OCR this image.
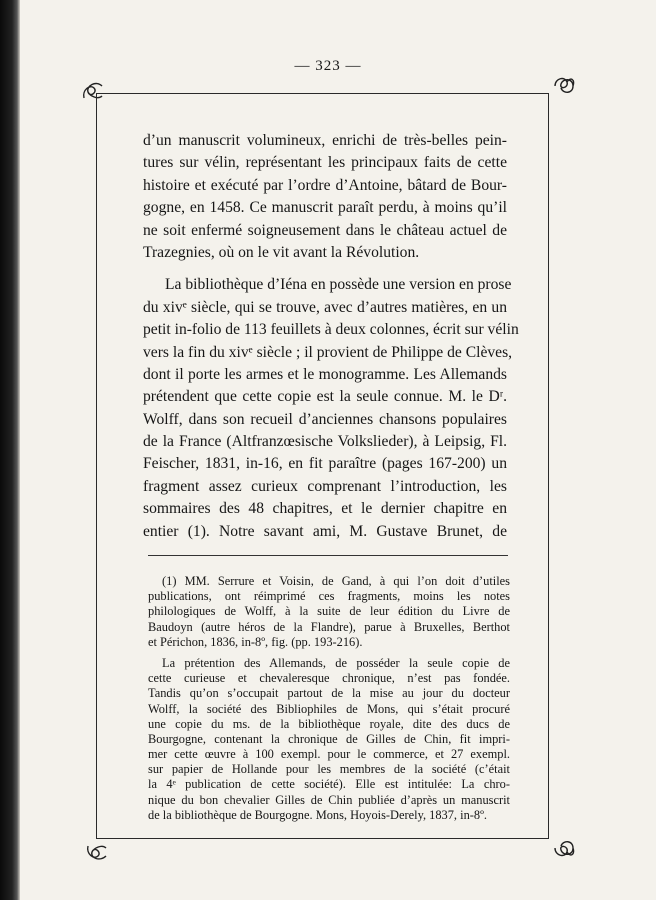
— 323 —
d’un manuscrit volumineux, enrichi de très-belles pein-
tures sur vélin, représentant les principaux faits de cette
histoire et exécuté par l’ordre d’Antoine, bâtard de Bour-
gogne, en 1458. Ce manuscrit paraît perdu, à moins qu’il
ne soit enfermé soigneusement dans le château actuel de
Trazegnies, où on le vit avant la Révolution.
La bibliothèque d’Iéna en possède une version en prose
du xivᵉ siècle, qui se trouve, avec d’autres matières, en un
petit in-folio de 113 feuillets à deux colonnes, écrit sur vélin
vers la fin du xivᵉ siècle ; il provient de Philippe de Clèves,
dont il porte les armes et le monogramme. Les Allemands
prétendent que cette copie est la seule connue. M. le Dʳ.
Wolff, dans son recueil d’anciennes chansons populaires
de la France (Altfranzœsische Volkslieder), à Leipsig, Fl.
Feischer, 1831, in-16, en fit paraître (pages 167-200) un
fragment assez curieux comprenant l’introduction, les
sommaires des 48 chapitres, et le dernier chapitre en
entier (1). Notre savant ami, M. Gustave Brunet, de
(1) MM. Serrure et Voisin, de Gand, à qui l’on doit d’utiles
publications, ont réimprimé ces fragments, moins les notes
philologiques de Wolff, à la suite de leur édition du Livre de
Baudoyn (autre héros de la Flandre), parue à Bruxelles, Berthot
et Périchon, 1836, in-8º, fig. (pp. 193-216).
La prétention des Allemands, de posséder la seule copie de
cette curieuse et chevaleresque chronique, n’est pas fondée.
Tandis qu’on s’occupait partout de la mise au jour du docteur
Wolff, la société des Bibliophiles de Mons, qui s’était procuré
une copie du ms. de la bibliothèque royale, dite des ducs de
Bourgogne, contenant la chronique de Gilles de Chin, fit impri-
mer cette œuvre à 100 exempl. pour le commerce, et 27 exempl.
sur papier de Hollande pour les membres de la société (c’était
la 4ᵉ publication de cette société). Elle est intitulée: La chro-
nique du bon chevalier Gilles de Chin publiée d’après un manuscrit
de la bibliothèque de Bourgogne. Mons, Hoyois-Derely, 1837, in-8º.
